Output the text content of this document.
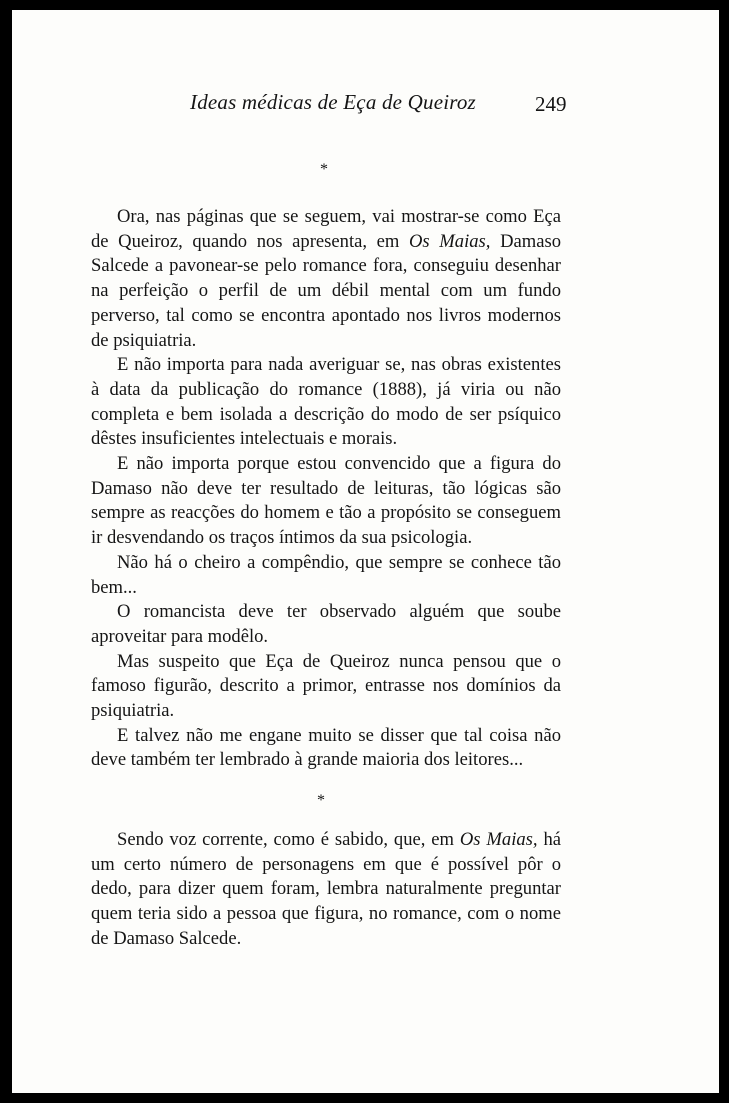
Ideas médicas de Eça de Queiroz	249
*

Ora, nas páginas que se seguem, vai mostrar-se como Eça de Queiroz, quando nos apresenta, em Os Maias, Damaso Salcede a pavonear-se pelo romance fora, conseguiu desenhar na perfeição o perfil de um débil mental com um fundo perverso, tal como se encontra apontado nos livros modernos de psiquiatria.

E não importa para nada averiguar se, nas obras existentes à data da publicação do romance (1888), já viria ou não completa e bem isolada a descrição do modo de ser psíquico dêstes insuficientes intelectuais e morais.

E não importa porque estou convencido que a figura do Damaso não deve ter resultado de leituras, tão lógicas são sempre as reacções do homem e tão a propósito se conseguem ir desvendando os traços íntimos da sua psicologia.

Não há o cheiro a compêndio, que sempre se conhece tão bem...

O romancista deve ter observado alguém que soube aproveitar para modêlo.

Mas suspeito que Eça de Queiroz nunca pensou que o famoso figurão, descrito a primor, entrasse nos domínios da psiquiatria.

E talvez não me engane muito se disser que tal coisa não deve também ter lembrado à grande maioria dos leitores...

*

Sendo voz corrente, como é sabido, que, em Os Maias, há um certo número de personagens em que é possível pôr o dedo, para dizer quem foram, lembra naturalmente preguntar quem teria sido a pessoa que figura, no romance, com o nome de Damaso Salcede.
